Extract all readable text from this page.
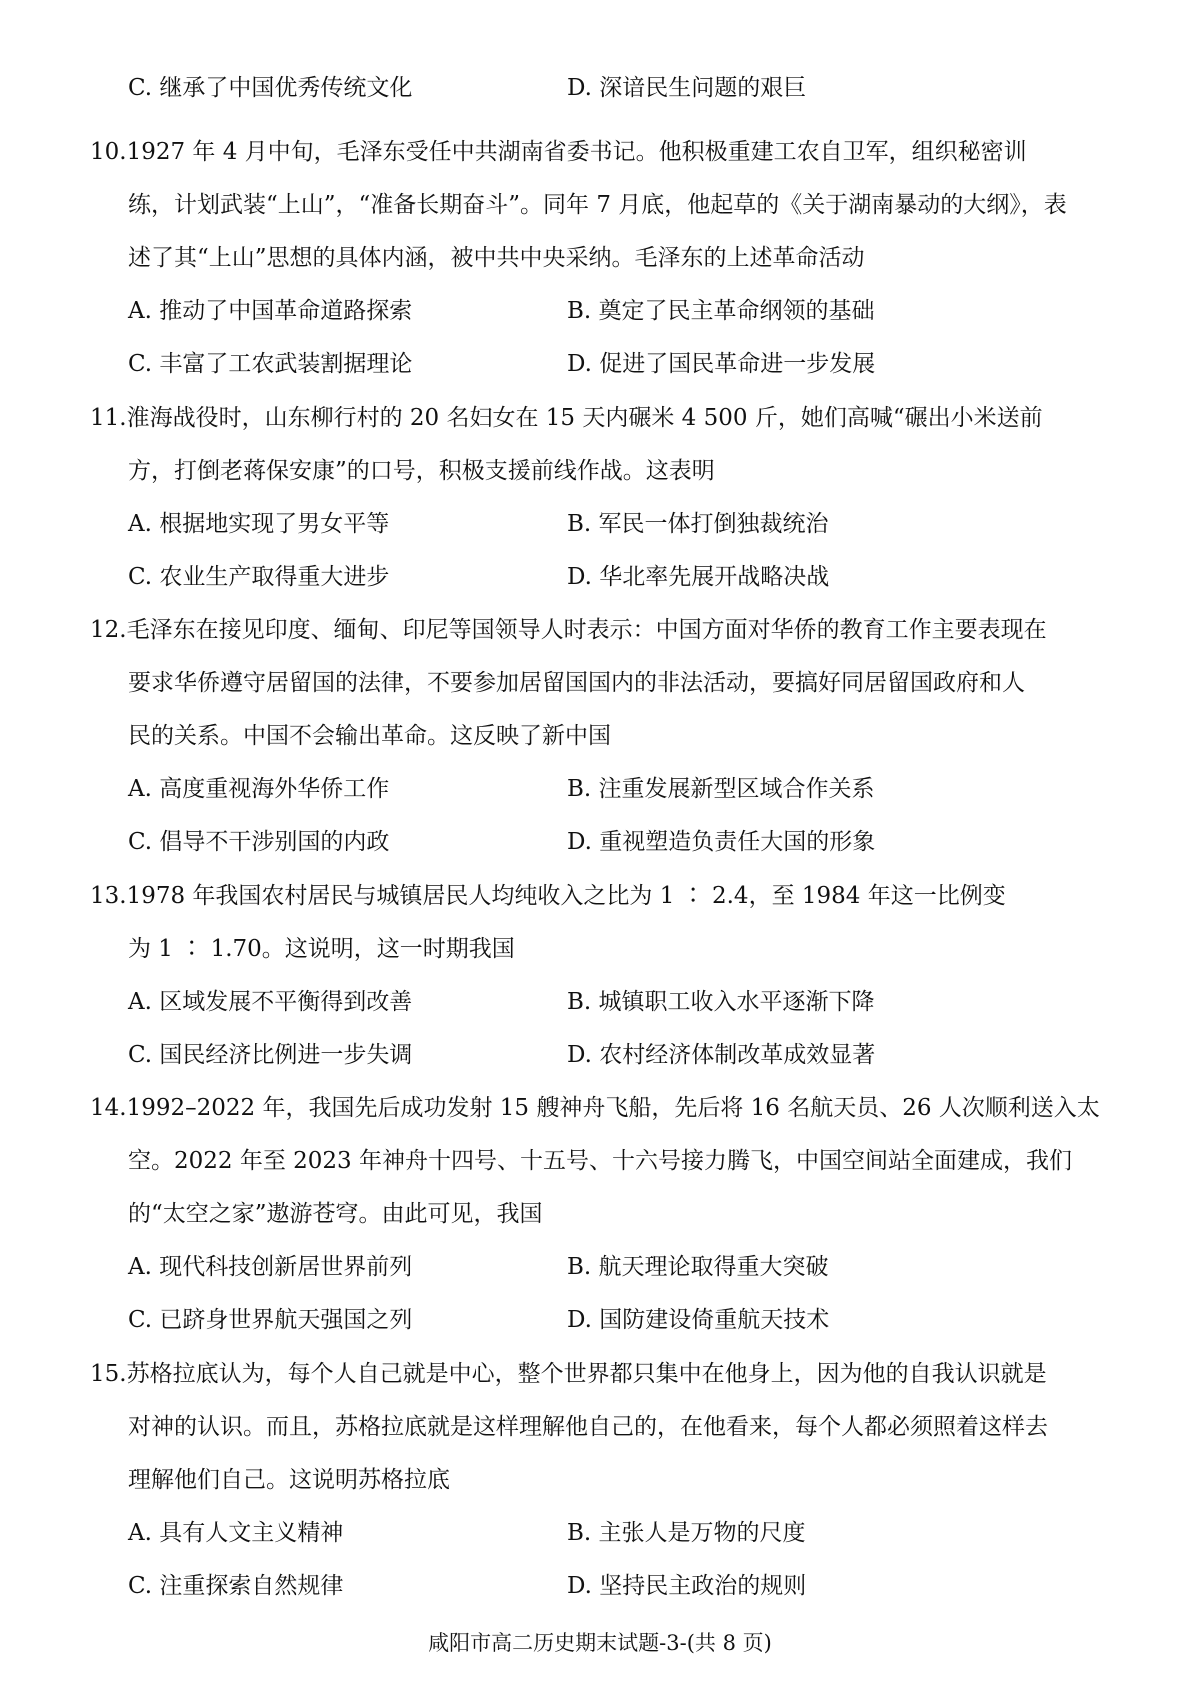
C. 继承了中国优秀传统文化	D. 深谙民生问题的艰巨
10.1927 年 4 月中旬，毛泽东受任中共湖南省委书记。他积极重建工农自卫军，组织秘密训
练，计划武装“上山”，“准备长期奋斗”。同年 7 月底，他起草的《关于湖南暴动的大纲》，表
述了其“上山”思想的具体内涵，被中共中央采纳。毛泽东的上述革命活动
A. 推动了中国革命道路探索	B. 奠定了民主革命纲领的基础
C. 丰富了工农武装割据理论	D. 促进了国民革命进一步发展
11.淮海战役时，山东柳行村的 20 名妇女在 15 天内碾米 4 500 斤，她们高喊“碾出小米送前
方，打倒老蒋保安康”的口号，积极支援前线作战。这表明
A. 根据地实现了男女平等	B. 军民一体打倒独裁统治
C. 农业生产取得重大进步	D. 华北率先展开战略决战
12.毛泽东在接见印度、缅甸、印尼等国领导人时表示：中国方面对华侨的教育工作主要表现在
要求华侨遵守居留国的法律，不要参加居留国国内的非法活动，要搞好同居留国政府和人
民的关系。中国不会输出革命。这反映了新中国
A. 高度重视海外华侨工作	B. 注重发展新型区域合作关系
C. 倡导不干涉别国的内政	D. 重视塑造负责任大国的形象
13.1978 年我国农村居民与城镇居民人均纯收入之比为 1 ∶ 2.4，至 1984 年这一比例变
为 1 ∶ 1.70。这说明，这一时期我国
A. 区域发展不平衡得到改善	B. 城镇职工收入水平逐渐下降
C. 国民经济比例进一步失调	D. 农村经济体制改革成效显著
14.1992–2022 年，我国先后成功发射 15 艘神舟飞船，先后将 16 名航天员、26 人次顺利送入太
空。2022 年至 2023 年神舟十四号、十五号、十六号接力腾飞，中国空间站全面建成，我们
的“太空之家”遨游苍穹。由此可见，我国
A. 现代科技创新居世界前列	B. 航天理论取得重大突破
C. 已跻身世界航天强国之列	D. 国防建设倚重航天技术
15.苏格拉底认为，每个人自己就是中心，整个世界都只集中在他身上，因为他的自我认识就是
对神的认识。而且，苏格拉底就是这样理解他自己的，在他看来，每个人都必须照着这样去
理解他们自己。这说明苏格拉底
A. 具有人文主义精神	B. 主张人是万物的尺度
C. 注重探索自然规律	D. 坚持民主政治的规则
咸阳市高二历史期末试题-3-(共 8 页)
